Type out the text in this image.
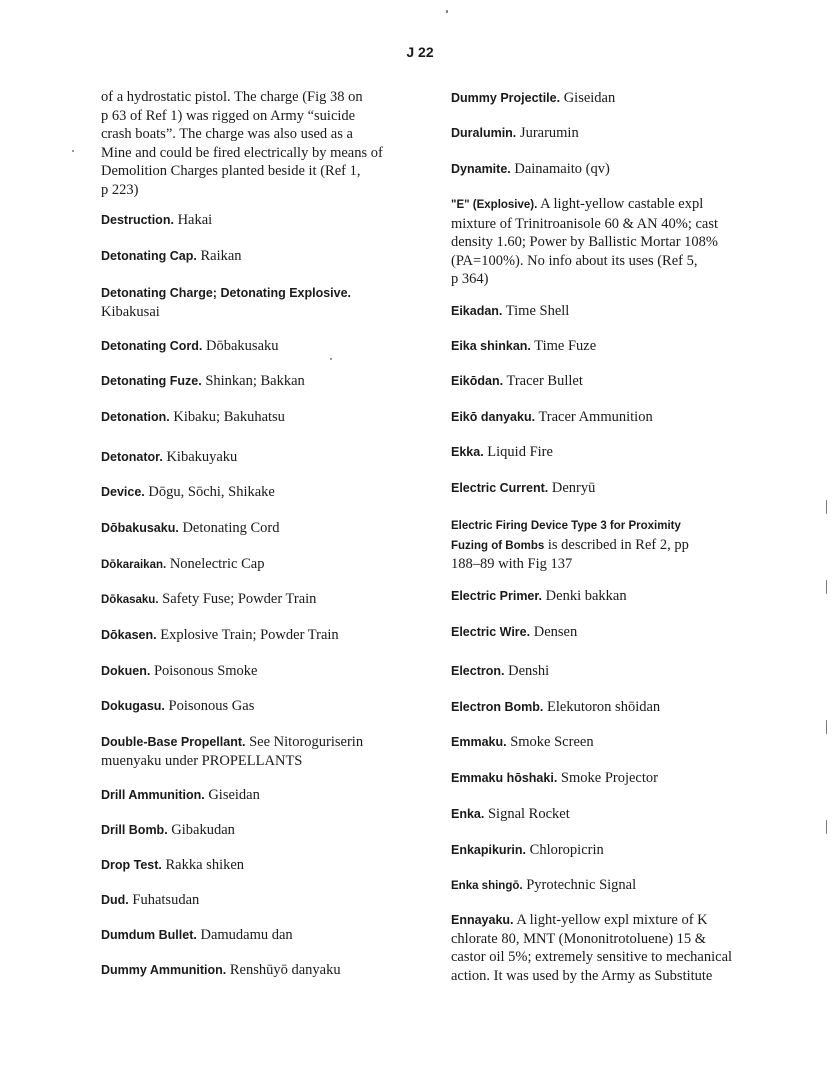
J 22
of a hydrostatic pistol. The charge (Fig 38 on
p 63 of Ref 1) was rigged on Army “suicide
crash boats”. The charge was also used as a
Mine and could be fired electrically by means of
Demolition Charges planted beside it (Ref 1,
p 223)
Destruction. Hakai
Detonating Cap. Raikan
Detonating Charge; Detonating Explosive.
Kibakusai
Detonating Cord. Dōbakusaku
Detonating Fuze. Shinkan; Bakkan
Detonation. Kibaku; Bakuhatsu
Detonator. Kibakuyaku
Device. Dōgu, Sōchi, Shikake
Dōbakusaku. Detonating Cord
Dōkaraikan. Nonelectric Cap
Dōkasaku. Safety Fuse; Powder Train
Dōkasen. Explosive Train; Powder Train
Dokuen. Poisonous Smoke
Dokugasu. Poisonous Gas
Double-Base Propellant. See Nitoroguriserin
muenyaku under PROPELLANTS
Drill Ammunition. Giseidan
Drill Bomb. Gibakudan
Drop Test. Rakka shiken
Dud. Fuhatsudan
Dumdum Bullet. Damudamu dan
Dummy Ammunition. Renshūyō danyaku
Dummy Projectile. Giseidan
Duralumin. Jurarumin
Dynamite. Dainamaito (qv)
"E" (Explosive). A light-yellow castable expl
mixture of Trinitroanisole 60 & AN 40%; cast
density 1.60; Power by Ballistic Mortar 108%
(PA=100%). No info about its uses (Ref 5,
p 364)
Eikadan. Time Shell
Eika shinkan. Time Fuze
Eikōdan. Tracer Bullet
Eikō danyaku. Tracer Ammunition
Ekka. Liquid Fire
Electric Current. Denryū
Electric Firing Device Type 3 for Proximity
Fuzing of Bombs is described in Ref 2, pp
188–89 with Fig 137
Electric Primer. Denki bakkan
Electric Wire. Densen
Electron. Denshi
Electron Bomb. Elekutoron shōidan
Emmaku. Smoke Screen
Emmaku hōshaki. Smoke Projector
Enka. Signal Rocket
Enkapikurin. Chloropicrin
Enka shingō. Pyrotechnic Signal
Ennayaku. A light-yellow expl mixture of K
chlorate 80, MNT (Mononitrotoluene) 15 &
castor oil 5%; extremely sensitive to mechanical
action. It was used by the Army as Substitute
